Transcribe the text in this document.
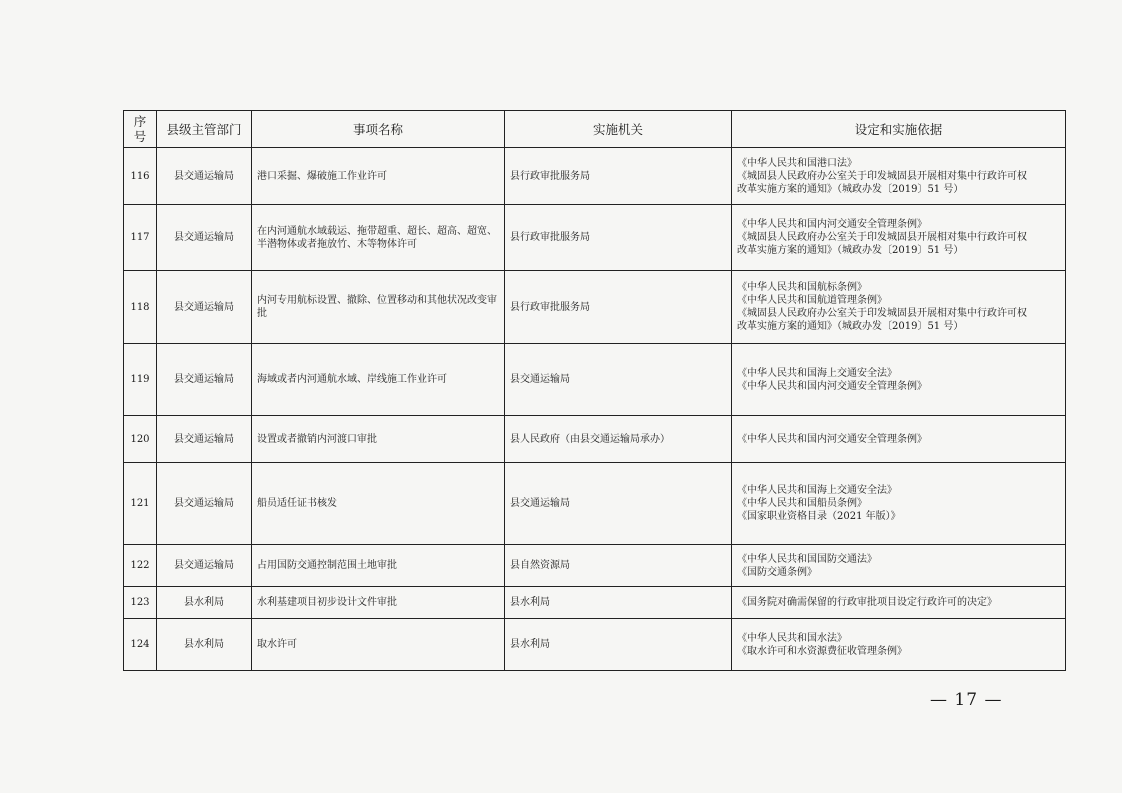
序
号	县级主管部门	事项名称	实施机关	设定和实施依据
116	县交通运输局	港口采掘、爆破施工作业许可	县行政审批服务局	《中华人民共和国港口法》
《城固县人民政府办公室关于印发城固县开展相对集中行政许可权
改革实施方案的通知》（城政办发〔2019〕51 号）

117	县交通运输局	在内河通航水域载运、拖带超重、超长、超高、超宽、半潜物体或者拖放竹、木等物体许可	县行政审批服务局	《中华人民共和国内河交通安全管理条例》
《城固县人民政府办公室关于印发城固县开展相对集中行政许可权
改革实施方案的通知》（城政办发〔2019〕51 号）

118	县交通运输局	内河专用航标设置、撤除、位置移动和其他状况改变审批	县行政审批服务局	《中华人民共和国航标条例》
《中华人民共和国航道管理条例》
《城固县人民政府办公室关于印发城固县开展相对集中行政许可权
改革实施方案的通知》（城政办发〔2019〕51 号）

119	县交通运输局	海域或者内河通航水域、岸线施工作业许可	县交通运输局	《中华人民共和国海上交通安全法》
《中华人民共和国内河交通安全管理条例》

120	县交通运输局	设置或者撤销内河渡口审批	县人民政府（由县交通运输局承办）	《中华人民共和国内河交通安全管理条例》

121	县交通运输局	船员适任证书核发	县交通运输局	《中华人民共和国海上交通安全法》
《中华人民共和国船员条例》
《国家职业资格目录（2021 年版）》

122	县交通运输局	占用国防交通控制范围土地审批	县自然资源局	《中华人民共和国国防交通法》
《国防交通条例》

123	县水利局	水利基建项目初步设计文件审批	县水利局	《国务院对确需保留的行政审批项目设定行政许可的决定》

124	县水利局	取水许可	县水利局	《中华人民共和国水法》
《取水许可和水资源费征收管理条例》
— 17 —
